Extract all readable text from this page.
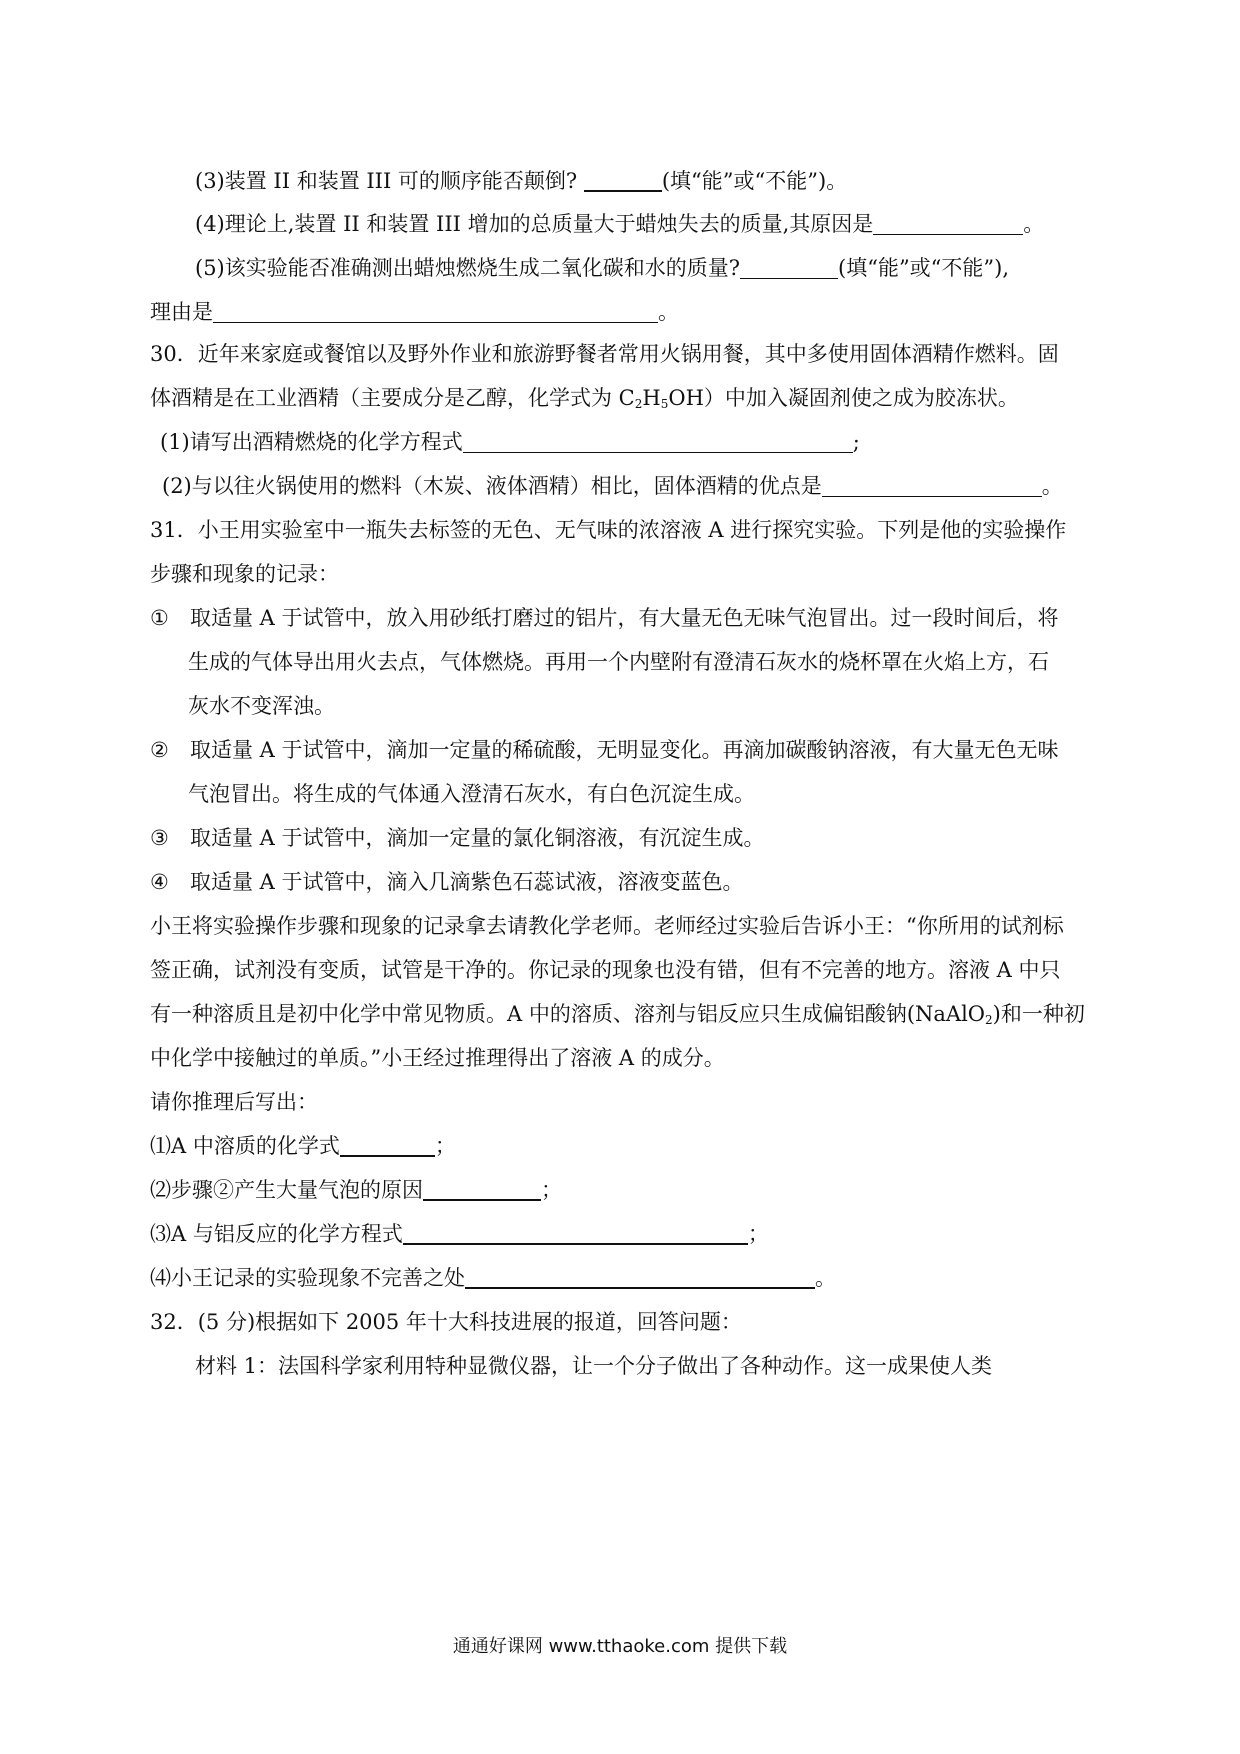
(3)装置 II 和装置 III 可的顺序能否颠倒?	(填“能”或“不能”)。
(4)理论上,装置 II 和装置 III 增加的总质量大于蜡烛失去的质量,其原因是	。
(5)该实验能否准确测出蜡烛燃烧生成二氧化碳和水的质量?	(填“能”或“不能”),
理由是	。
30．近年来家庭或餐馆以及野外作业和旅游野餐者常用火锅用餐，其中多使用固体酒精作燃料。固
体酒精是在工业酒精（主要成分是乙醇，化学式为 $C_2H_5OH$）中加入凝固剂使之成为胶冻状。
(1)请写出酒精燃烧的化学方程式	;
(2)与以往火锅使用的燃料（木炭、液体酒精）相比，固体酒精的优点是	。
31．小王用实验室中一瓶失去标签的无色、无气味的浓溶液 A 进行探究实验。下列是他的实验操作
步骤和现象的记录：
① 取适量 A 于试管中，放入用砂纸打磨过的铝片，有大量无色无味气泡冒出。过一段时间后，将
生成的气体导出用火去点，气体燃烧。再用一个内壁附有澄清石灰水的烧杯罩在火焰上方，石
灰水不变浑浊。
② 取适量 A 于试管中，滴加一定量的稀硫酸，无明显变化。再滴加碳酸钠溶液，有大量无色无味
气泡冒出。将生成的气体通入澄清石灰水，有白色沉淀生成。
③ 取适量 A 于试管中，滴加一定量的氯化铜溶液，有沉淀生成。
④ 取适量 A 于试管中，滴入几滴紫色石蕊试液，溶液变蓝色。
小王将实验操作步骤和现象的记录拿去请教化学老师。老师经过实验后告诉小王：“你所用的试剂标
签正确，试剂没有变质，试管是干净的。你记录的现象也没有错，但有不完善的地方。溶液 A 中只
有一种溶质且是初中化学中常见物质。A 中的溶质、溶剂与铝反应只生成偏铝酸钠(NaAlO$_2$)和一种初
中化学中接触过的单质。”小王经过推理得出了溶液 A 的成分。
请你推理后写出：
⑴A 中溶质的化学式	；
⑵步骤②产生大量气泡的原因	；
⑶A 与铝反应的化学方程式	；
⑷小王记录的实验现象不完善之处	。
32．(5 分)根据如下 2005 年十大科技进展的报道，回答问题：
材料 1：法国科学家利用特种显微仪器，让一个分子做出了各种动作。这一成果使人类
通通好课网 www.tthaoke.com 提供下载
